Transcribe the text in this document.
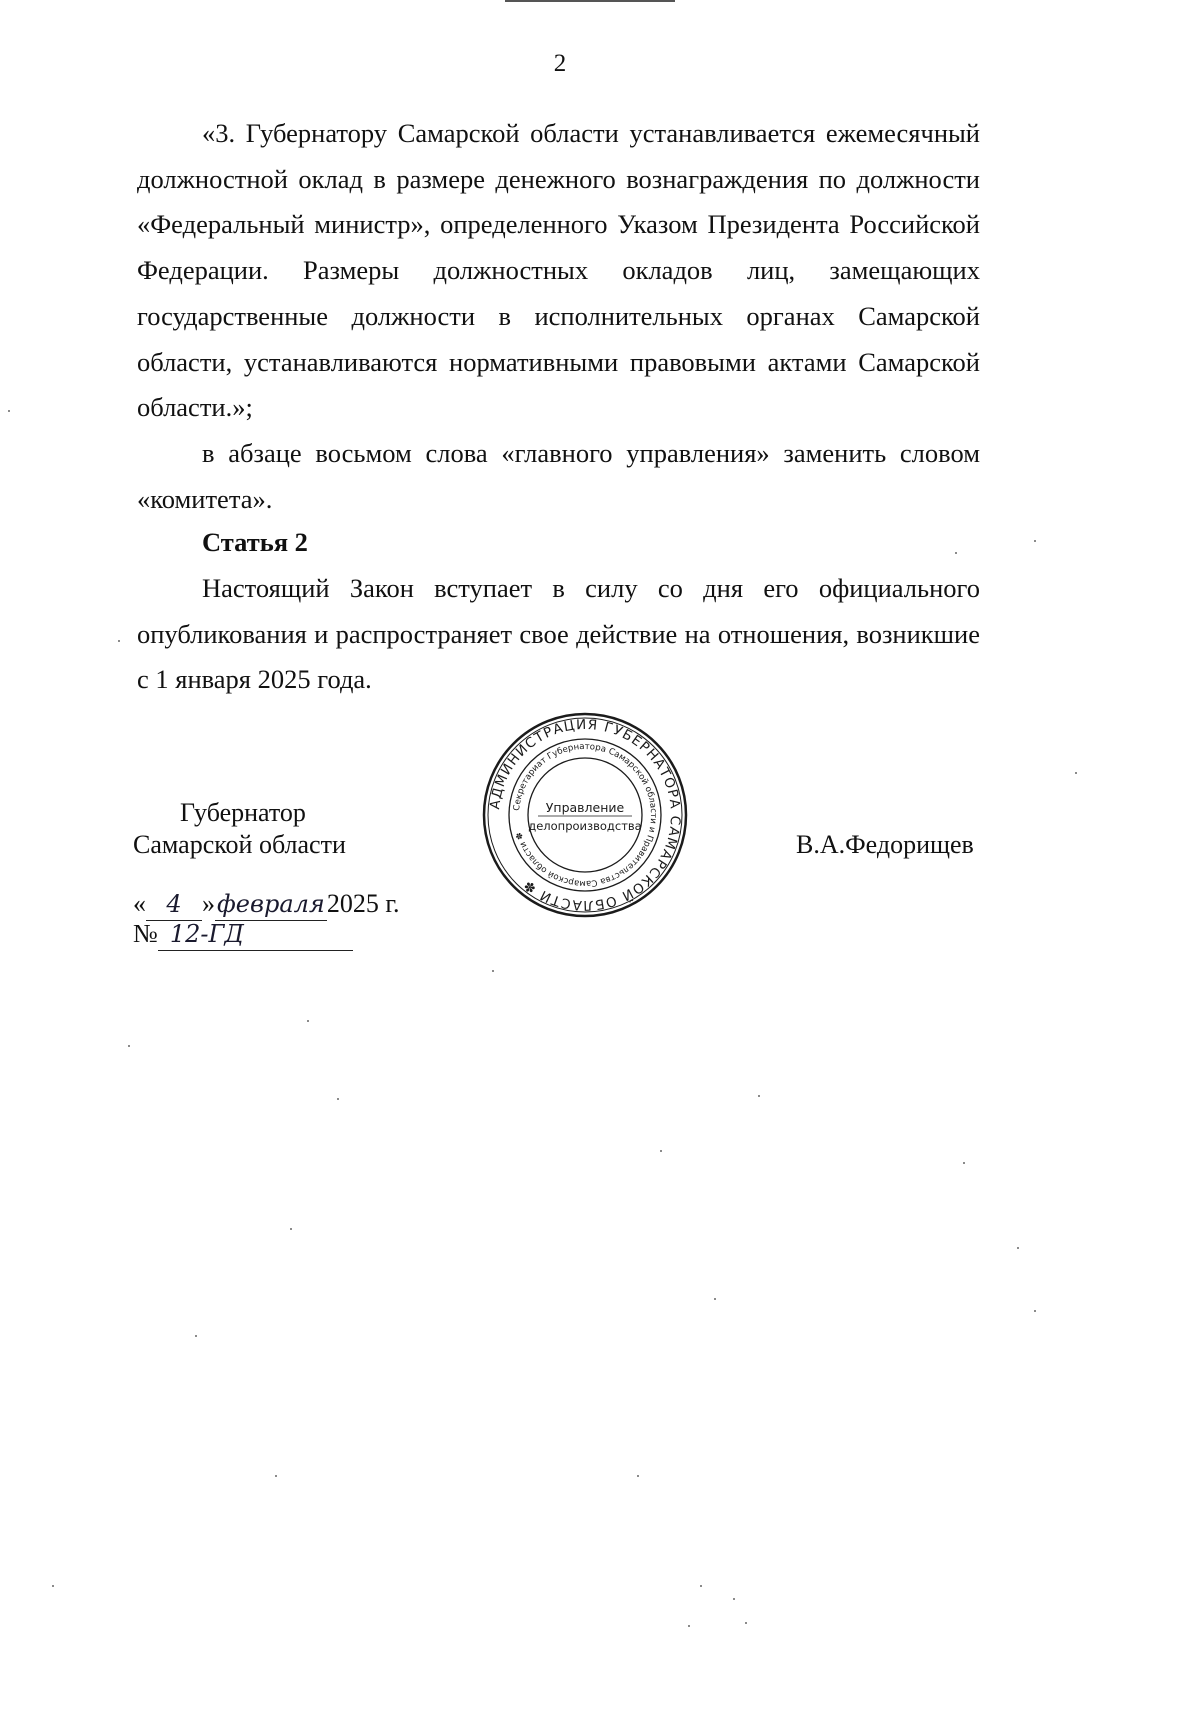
2

«3. Губернатору Самарской области устанавливается ежемесячный должностной оклад в размере денежного вознаграждения по должности «Федеральный министр», определенного Указом Президента Российской Федерации. Размеры должностных окладов лиц, замещающих государственные должности в исполнительных органах Самарской области, устанавливаются нормативными правовыми актами Самарской области.»;

в абзаце восьмом слова «главного управления» заменить словом «комитета».

Статья 2

Настоящий Закон вступает в силу со дня его официального опубликования и распространяет свое действие на отношения, возникшие с 1 января 2025 года.

Губернатор
Самарской области	В.А.Федорищев
АДМИНИСТРАЦИЯ ГУБЕРНАТОРА САМАРСКОЙ ОБЛАСТИ ✽
Секретариат Губернатора Самарской области и Правительства Самарской области ✽
Управление
делопроизводства
« 4 »февраля2025 г.
№ 12-ГД
